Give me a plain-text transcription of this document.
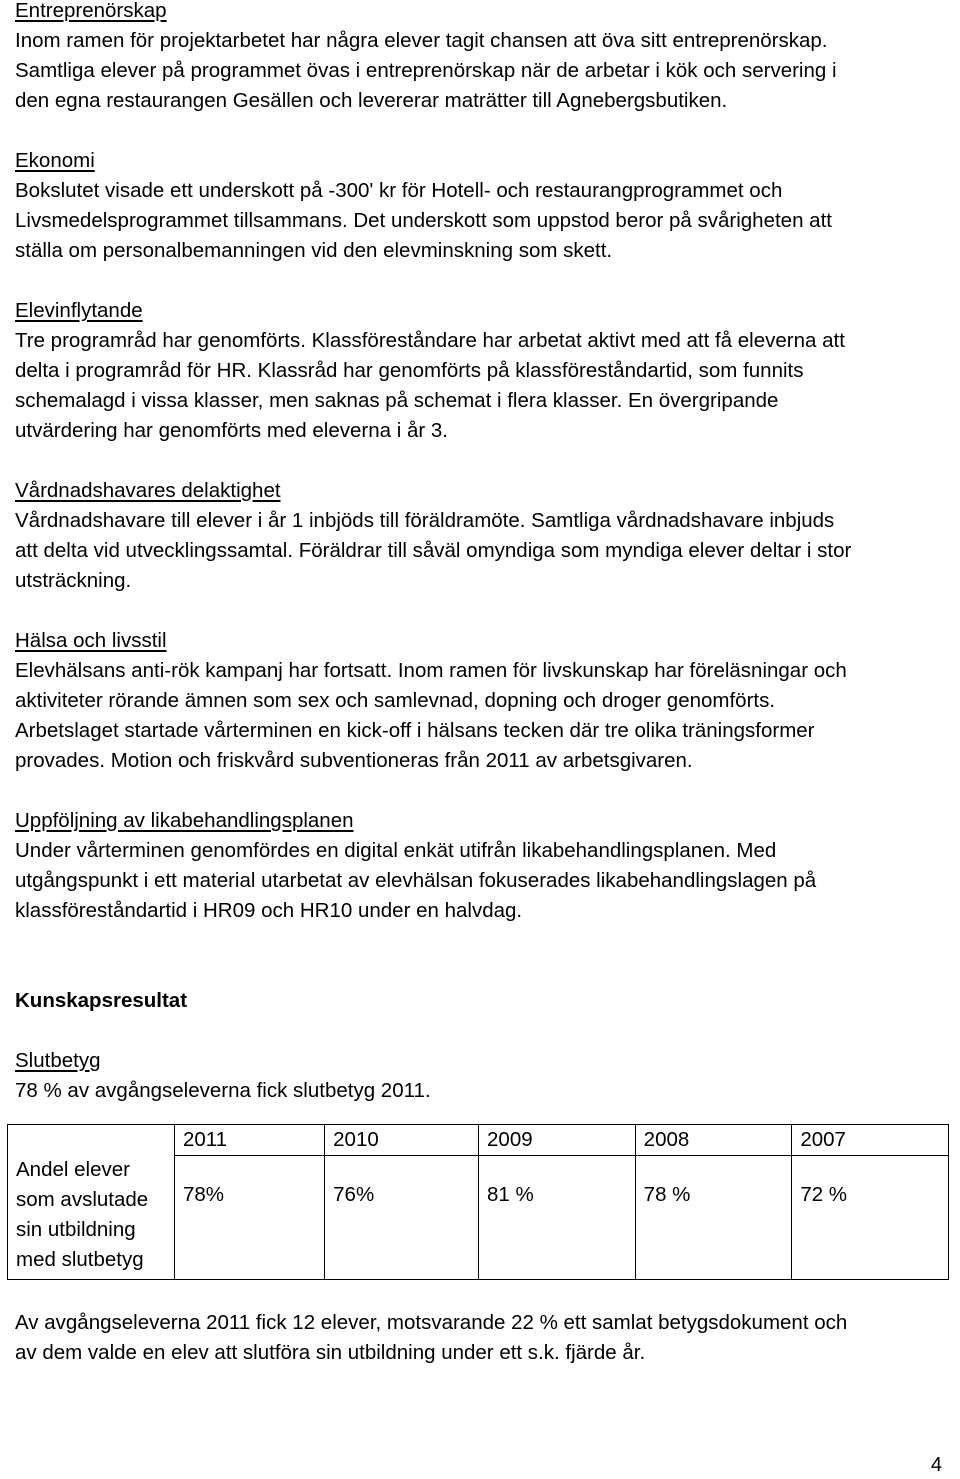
Entreprenörskap
Inom ramen för projektarbetet har några elever tagit chansen att öva sitt entreprenörskap.
Samtliga elever på programmet övas i entreprenörskap när de arbetar i kök och servering i
den egna restaurangen Gesällen och levererar maträtter till Agnebergsbutiken.
Ekonomi
Bokslutet visade ett underskott på -300' kr för Hotell- och restaurangprogrammet och
Livsmedelsprogrammet tillsammans. Det underskott som uppstod beror på svårigheten att
ställa om personalbemanningen vid den elevminskning som skett.
Elevinflytande
Tre programråd har genomförts. Klassföreståndare har arbetat aktivt med att få eleverna att
delta i programråd för HR. Klassråd har genomförts på klassföreståndartid, som funnits
schemalagd i vissa klasser, men saknas på schemat i flera klasser. En övergripande
utvärdering har genomförts med eleverna i år 3.
Vårdnadshavares delaktighet
Vårdnadshavare till elever i år 1 inbjöds till föräldramöte. Samtliga vårdnadshavare inbjuds
att delta vid utvecklingssamtal. Föräldrar till såväl omyndiga som myndiga elever deltar i stor
utsträckning.
Hälsa och livsstil
Elevhälsans anti-rök kampanj har fortsatt. Inom ramen för livskunskap har föreläsningar och
aktiviteter rörande ämnen som sex och samlevnad, dopning och droger genomförts.
Arbetslaget startade vårterminen en kick-off i hälsans tecken där tre olika träningsformer
provades. Motion och friskvård subventioneras från 2011 av arbetsgivaren.
Uppföljning av likabehandlingsplanen
Under vårterminen genomfördes en digital enkät utifrån likabehandlingsplanen. Med
utgångspunkt i ett material utarbetat av elevhälsan fokuserades likabehandlingslagen på
klassföreståndartid i HR09 och HR10 under en halvdag.
Kunskapsresultat
Slutbetyg
78 % av avgångseleverna fick slutbetyg 2011.
Andel elever
som avslutade
sin utbildning
med slutbetyg	2011	2010	2009	2008	2007
	78%	76%	81 %	78 %	72 %
Av avgångseleverna 2011 fick 12 elever, motsvarande 22 % ett samlat betygsdokument och
av dem valde en elev att slutföra sin utbildning under ett s.k. fjärde år.
4
